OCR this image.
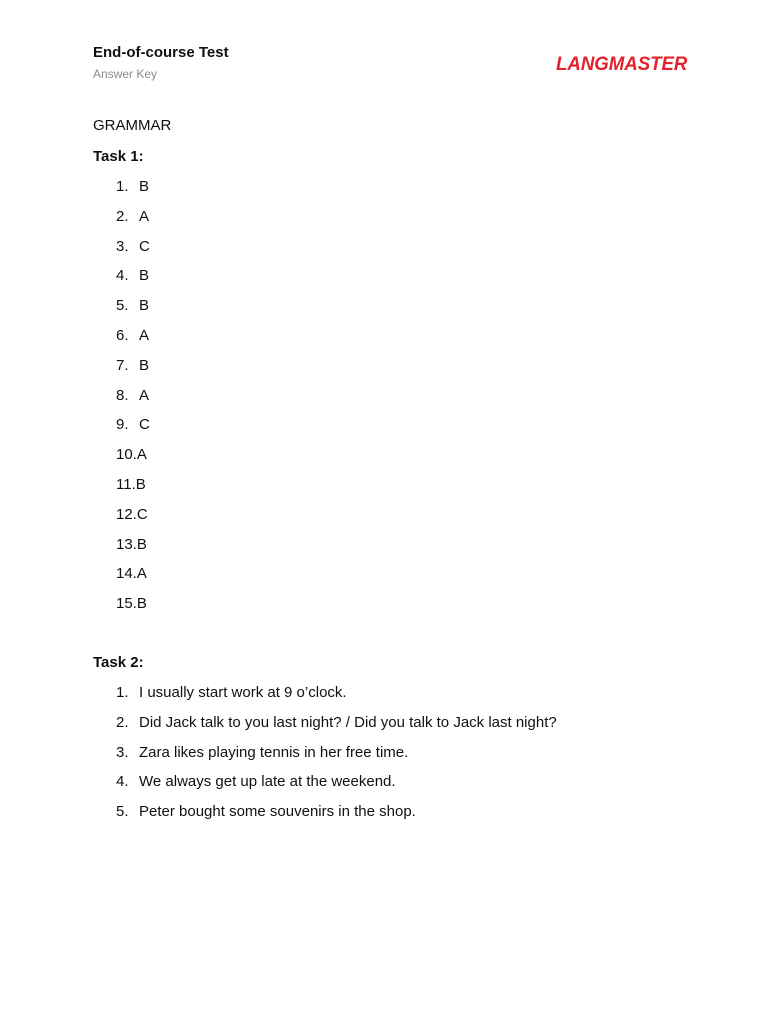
End-of-course Test
Answer Key	LANGMASTER
GRAMMAR
Task 1:
1. B
2. A
3. C
4. B
5. B
6. A
7. B
8. A
9. C
10. A
11. B
12. C
13. B
14. A
15. B
Task 2:
1. I usually start work at 9 o’clock.
2. Did Jack talk to you last night? / Did you talk to Jack last night?
3. Zara likes playing tennis in her free time.
4. We always get up late at the weekend.
5. Peter bought some souvenirs in the shop.
